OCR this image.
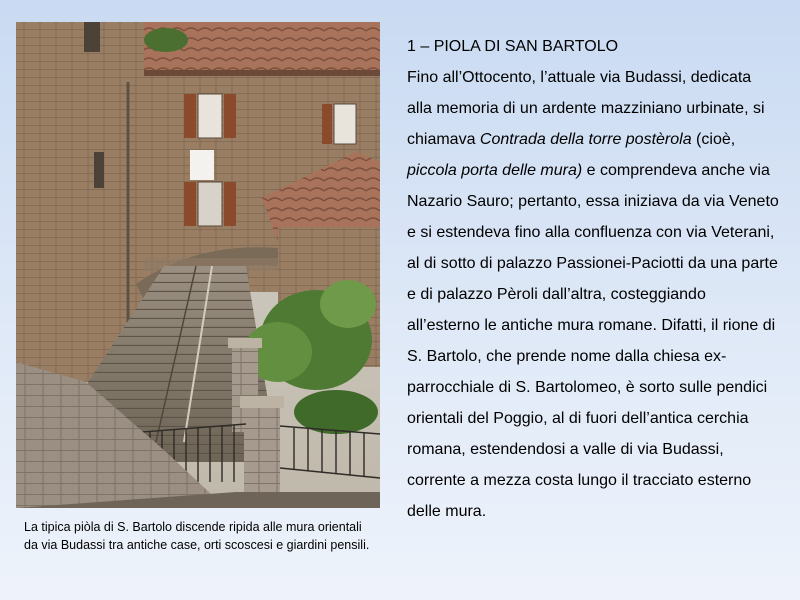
La tipica piòla di S. Bartolo discende ripida alle mura orientali da via Budassi tra antiche case, orti scoscesi e giardini pensili.

1 – PIOLA DI SAN BARTOLO

Fino all’Ottocento, l’attuale via Budassi, dedicata alla memoria di un ardente mazziniano urbinate, si chiamava Contrada della torre postèrola (cioè, piccola porta delle mura) e comprendeva anche via Nazario Sauro; pertanto, essa iniziava da via Veneto e si estendeva fino alla confluenza con via Veterani, al di sotto di palazzo Passionei-Paciotti da una parte e di palazzo Pèroli dall’altra, costeggiando all’esterno le antiche mura romane. Difatti, il rione di S. Bartolo, che prende nome dalla chiesa ex-parrocchiale di S. Bartolomeo, è sorto sulle pendici orientali del Poggio, al di fuori dell’antica cerchia romana, estendendosi a valle di via Budassi, corrente a mezza costa lungo il tracciato esterno delle mura.
